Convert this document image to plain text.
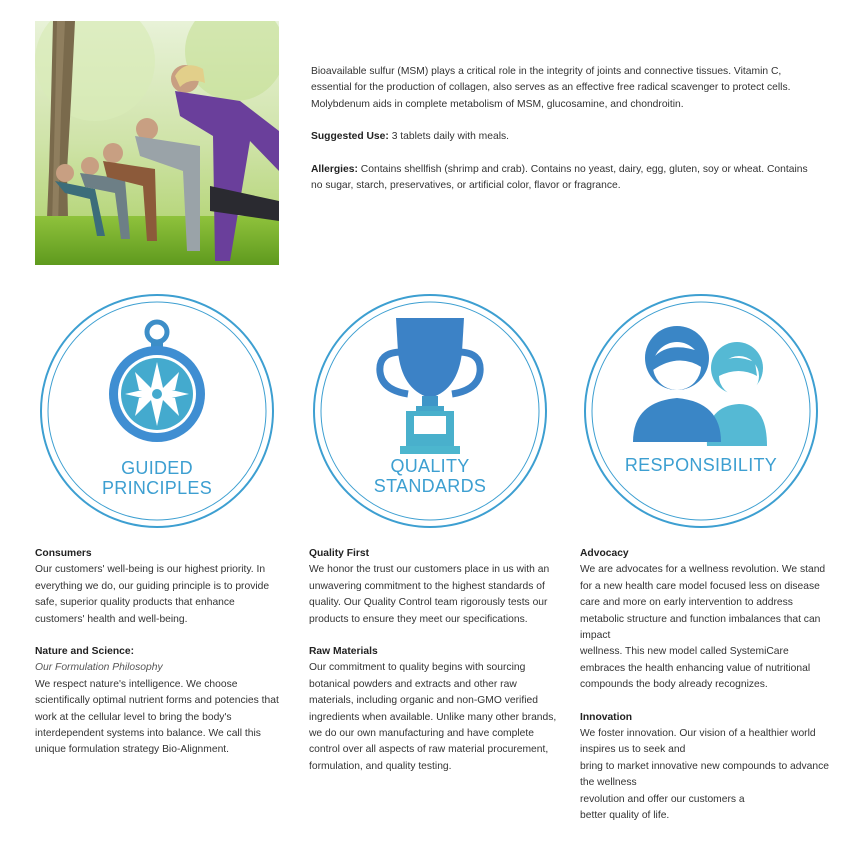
Bioavailable sulfur (MSM) plays a critical role in the integrity of joints and connective tissues. Vitamin C, essential for the production of collagen, also serves as an effective free radical scavenger to protect cells. Molybdenum aids in complete metabolism of MSM, glucosamine, and chondroitin.

Suggested Use: 3 tablets daily with meals.

Allergies: Contains shellfish (shrimp and crab). Contains no yeast, dairy, egg, gluten, soy or wheat. Contains no sugar, starch, preservatives, or artificial color, flavor or fragrance.

GUIDED
PRINCIPLES
QUALITY
STANDARDS
RESPONSIBILITY
Consumers

Our customers' well-being is our highest priority. In everything we do, our guiding principle is to provide safe, superior quality products that enhance customers' health and well-being.

Nature and Science:
Our Formulation Philosophy

We respect nature's intelligence. We choose scientifically optimal nutrient forms and potencies that work at the cellular level to bring the body's interdependent systems into balance. We call this unique formulation strategy Bio-Alignment.

Quality First

We honor the trust our customers place in us with an unwavering commitment to the highest standards of quality. Our Quality Control team rigorously tests our products to ensure they meet our specifications.

Raw Materials

Our commitment to quality begins with sourcing botanical powders and extracts and other raw materials, including organic and non-GMO verified ingredients when available. Unlike many other brands, we do our own manufacturing and have complete control over all aspects of raw material procurement, formulation, and quality testing.

Advocacy

We are advocates for a wellness revolution. We stand for a new health care model focused less on disease care and more on early intervention to address metabolic structure and function imbalances that can impact

wellness. This new model called SystemiCare embraces the health enhancing value of nutritional compounds the body already recognizes.

Innovation

We foster innovation. Our vision of a healthier world inspires us to seek and

bring to market innovative new compounds to advance the wellness

revolution and offer our customers a

better quality of life.
